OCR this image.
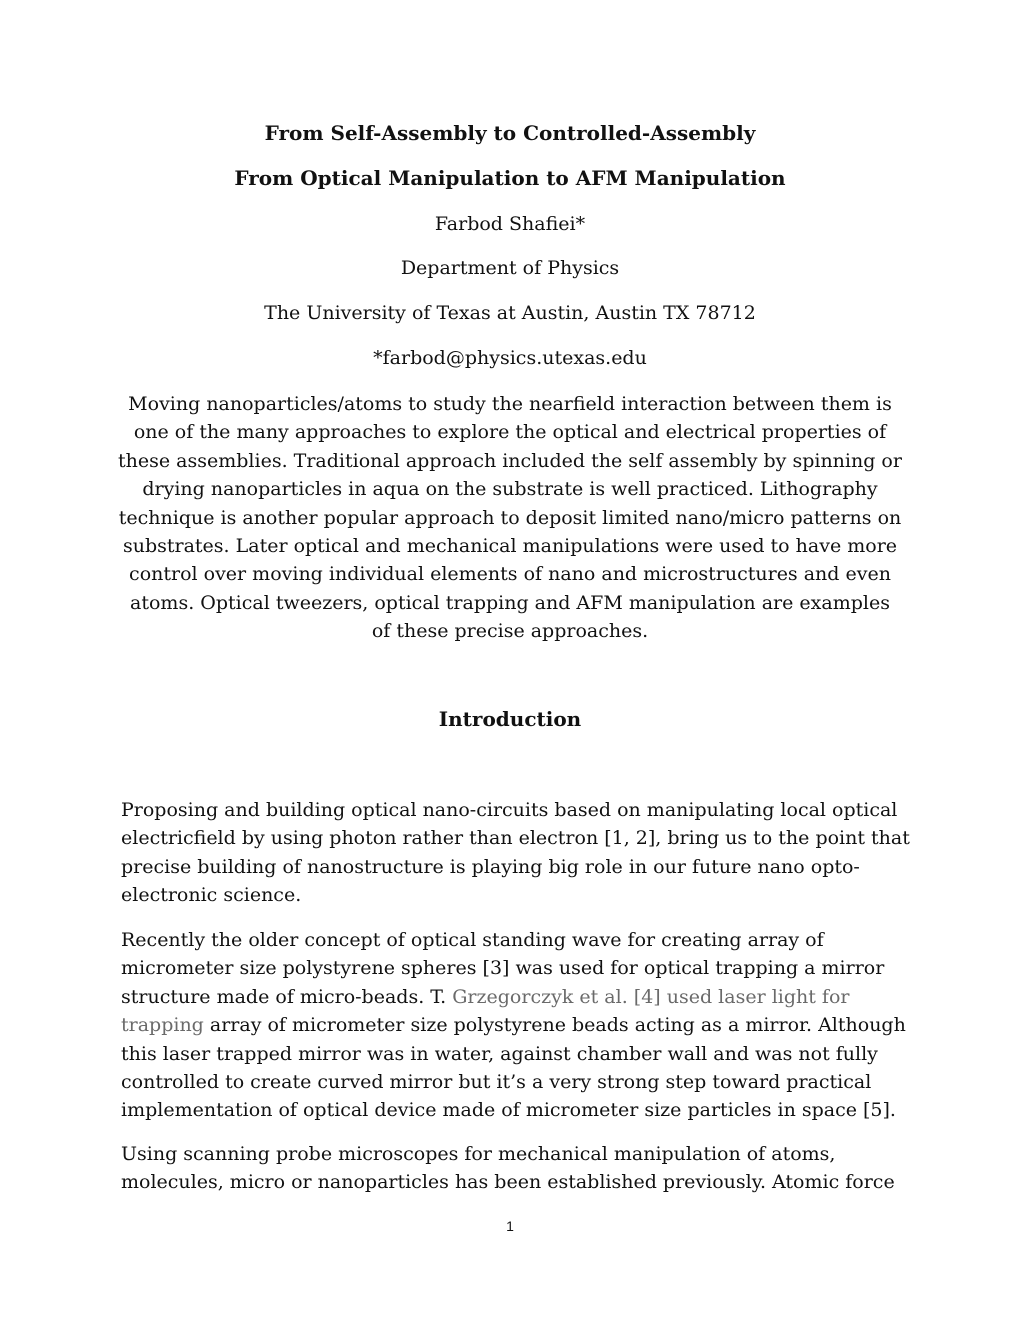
From Self-Assembly to Controlled-Assembly
From Optical Manipulation to AFM Manipulation
Farbod Shafiei*
Department of Physics
The University of Texas at Austin, Austin TX 78712
*farbod@physics.utexas.edu
Moving nanoparticles/atoms to study the nearfield interaction between them is one of the many approaches to explore the optical and electrical properties of these assemblies. Traditional approach included the self assembly by spinning or drying nanoparticles in aqua on the substrate is well practiced. Lithography technique is another popular approach to deposit limited nano/micro patterns on substrates. Later optical and mechanical manipulations were used to have more control over moving individual elements of nano and microstructures and even atoms. Optical tweezers, optical trapping and AFM manipulation are examples of these precise approaches.
Introduction
Proposing and building optical nano-circuits based on manipulating local optical electricfield by using photon rather than electron [1, 2], bring us to the point that precise building of nanostructure is playing big role in our future nano opto-electronic science.
Recently the older concept of optical standing wave for creating array of micrometer size polystyrene spheres [3] was used for optical trapping a mirror structure made of micro-beads. T. Grzegorczyk et al. [4] used laser light for trapping array of micrometer size polystyrene beads acting as a mirror. Although this laser trapped mirror was in water, against chamber wall and was not fully controlled to create curved mirror but it’s a very strong step toward practical implementation of optical device made of micrometer size particles in space [5].
Using scanning probe microscopes for mechanical manipulation of atoms, molecules, micro or nanoparticles has been established previously. Atomic force
1
